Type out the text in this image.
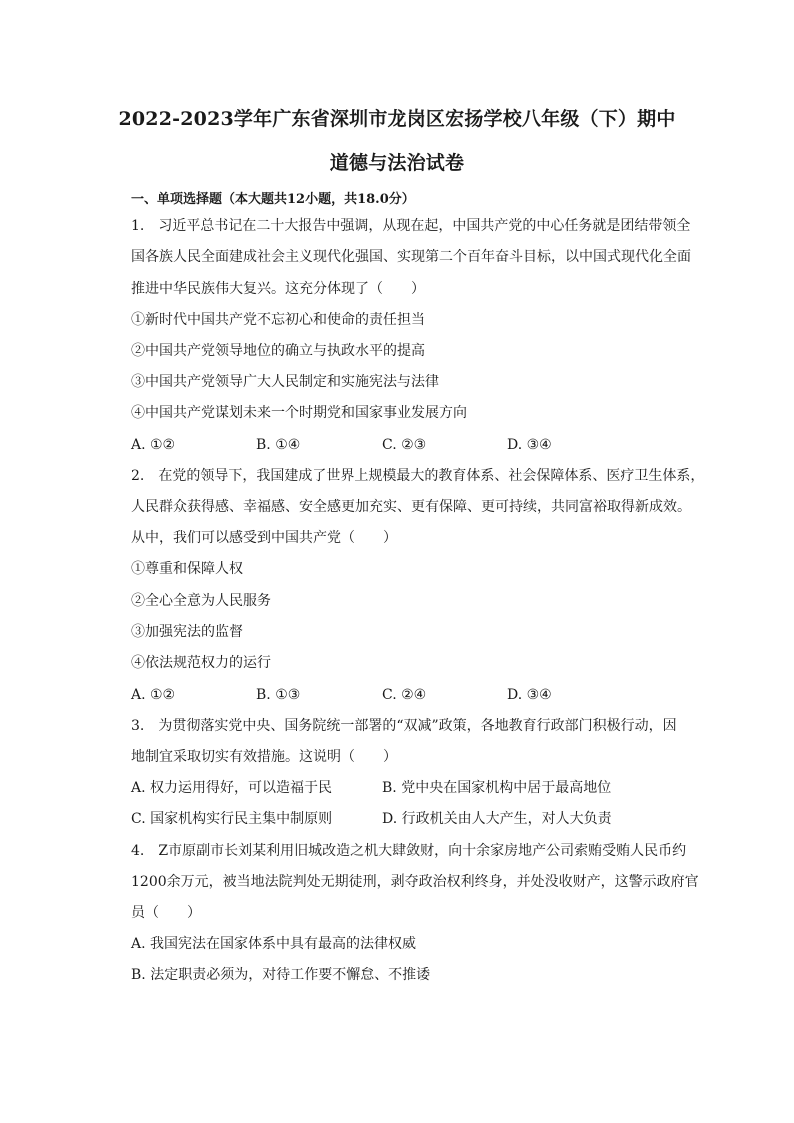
2022-2023学年广东省深圳市龙岗区宏扬学校八年级（下）期中
道德与法治试卷
一、单项选择题（本大题共12小题，共18.0分）
1.　习近平总书记在二十大报告中强调，从现在起，中国共产党的中心任务就是团结带领全
国各族人民全面建成社会主义现代化强国、实现第二个百年奋斗目标，以中国式现代化全面
推进中华民族伟大复兴。这充分体现了（　　）
①新时代中国共产党不忘初心和使命的责任担当
②中国共产党领导地位的确立与执政水平的提高
③中国共产党领导广大人民制定和实施宪法与法律
④中国共产党谋划未来一个时期党和国家事业发展方向
A. ①②	B. ①④	C. ②③	D. ③④
2.　在党的领导下，我国建成了世界上规模最大的教育体系、社会保障体系、医疗卫生体系，
人民群众获得感、幸福感、安全感更加充实、更有保障、更可持续，共同富裕取得新成效。
从中，我们可以感受到中国共产党（　　）
①尊重和保障人权
②全心全意为人民服务
③加强宪法的监督
④依法规范权力的运行
A. ①②	B. ①③	C. ②④	D. ③④
3.　为贯彻落实党中央、国务院统一部署的“双减”政策，各地教育行政部门积极行动，因
地制宜采取切实有效措施。这说明（　　）
A. 权力运用得好，可以造福于民	B. 党中央在国家机构中居于最高地位
C. 国家机构实行民主集中制原则	D. 行政机关由人大产生，对人大负责
4.　Z市原副市长刘某利用旧城改造之机大肆敛财，向十余家房地产公司索贿受贿人民币约
1200余万元，被当地法院判处无期徒刑，剥夺政治权利终身，并处没收财产，这警示政府官
员（　　）
A. 我国宪法在国家体系中具有最高的法律权威
B. 法定职责必须为，对待工作要不懈怠、不推诿
